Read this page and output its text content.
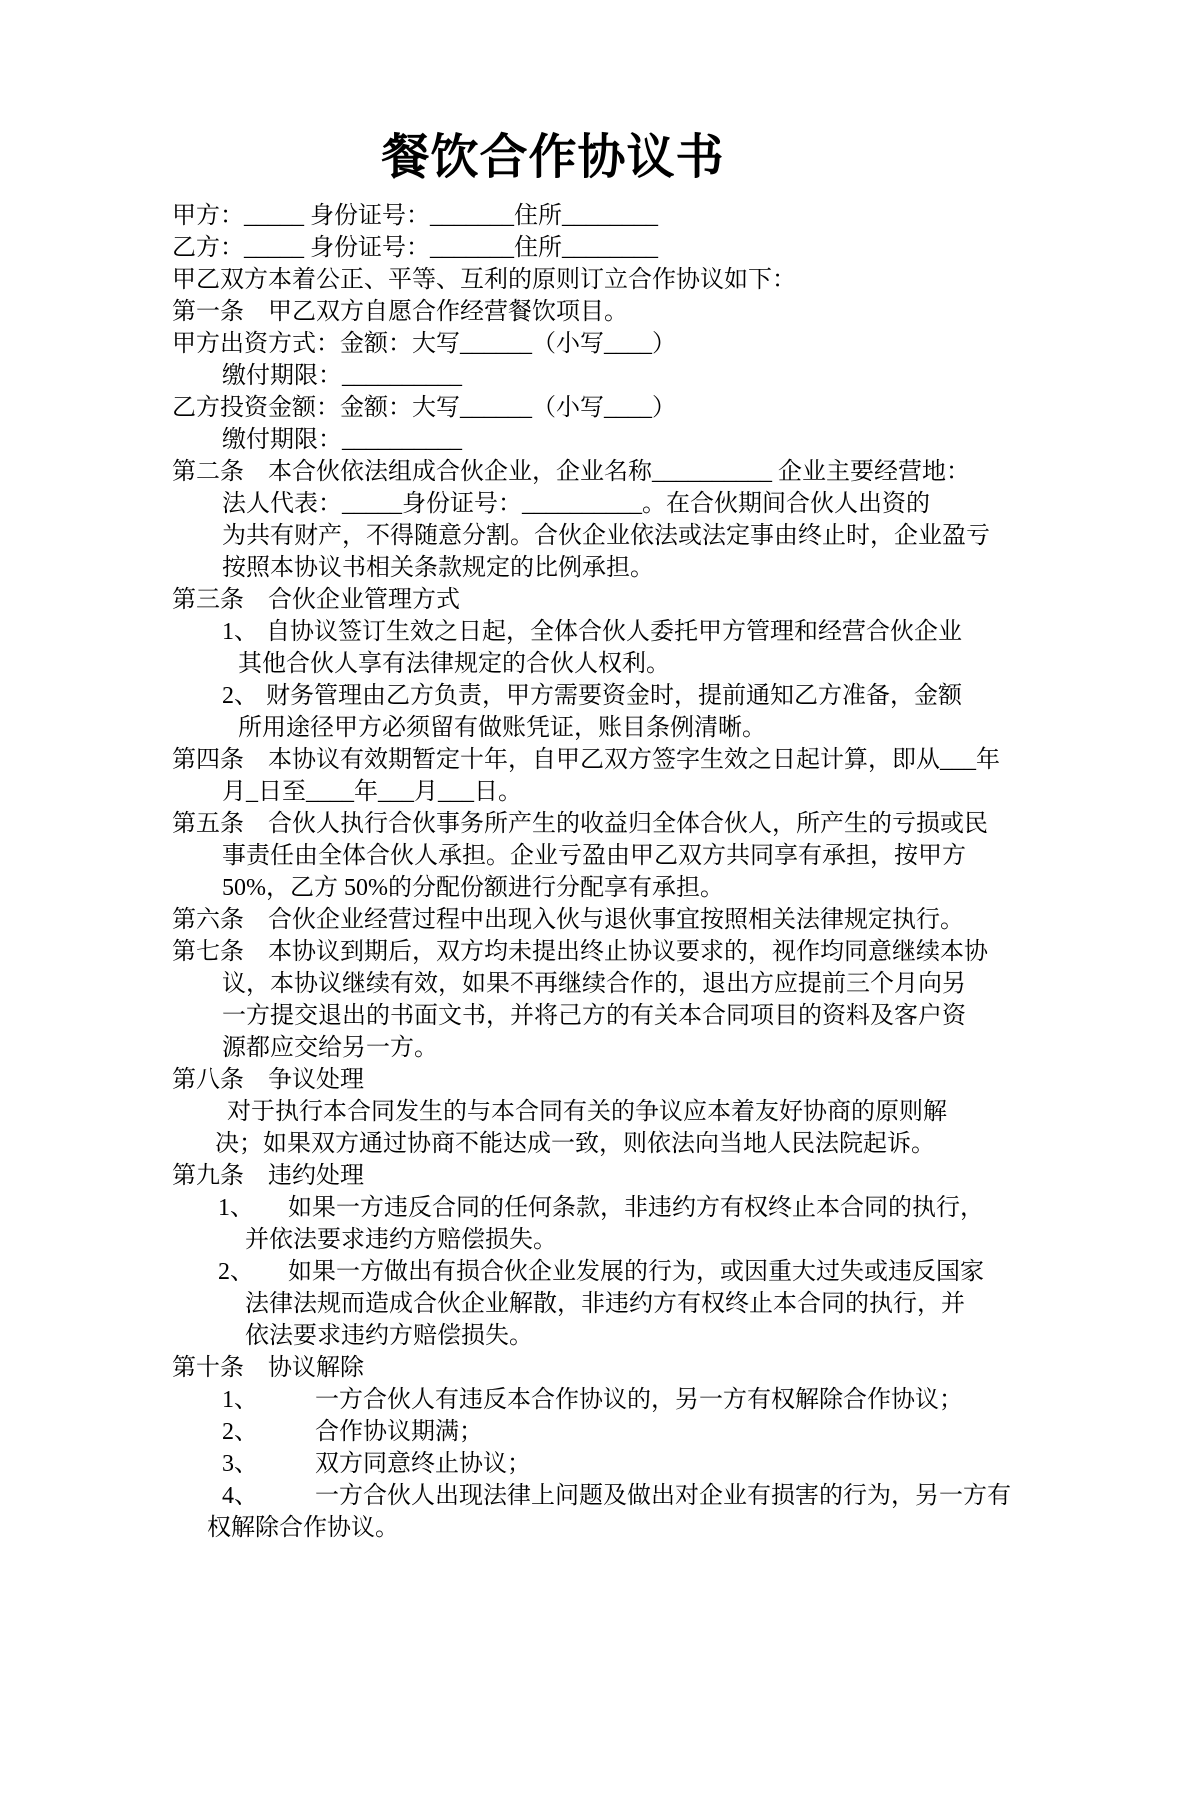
餐饮合作协议书
甲方：_____ 身份证号：_______住所________
乙方：_____ 身份证号：_______住所________
甲乙双方本着公正、平等、互利的原则订立合作协议如下：
第一条　甲乙双方自愿合作经营餐饮项目。
甲方出资方式：金额：大写______（小写____）
缴付期限：__________
乙方投资金额：金额：大写______（小写____）
缴付期限：__________
第二条　本合伙依法组成合伙企业，企业名称__________ 企业主要经营地：
法人代表：_____身份证号：__________。在合伙期间合伙人出资的
为共有财产，不得随意分割。合伙企业依法或法定事由终止时，企业盈亏
按照本协议书相关条款规定的比例承担。
第三条　合伙企业管理方式
1、 自协议签订生效之日起，全体合伙人委托甲方管理和经营合伙企业
其他合伙人享有法律规定的合伙人权利。
2、 财务管理由乙方负责，甲方需要资金时，提前通知乙方准备，金额
所用途径甲方必须留有做账凭证，账目条例清晰。
第四条　本协议有效期暂定十年，自甲乙双方签字生效之日起计算，即从___年
月_日至____年___月___日。
第五条　合伙人执行合伙事务所产生的收益归全体合伙人，所产生的亏损或民
事责任由全体合伙人承担。企业亏盈由甲乙双方共同享有承担，按甲方
50%，乙方 50%的分配份额进行分配享有承担。
第六条　合伙企业经营过程中出现入伙与退伙事宜按照相关法律规定执行。
第七条　本协议到期后，双方均未提出终止协议要求的，视作均同意继续本协
议，本协议继续有效，如果不再继续合作的，退出方应提前三个月向另
一方提交退出的书面文书，并将己方的有关本合同项目的资料及客户资
源都应交给另一方。
第八条　争议处理
对于执行本合同发生的与本合同有关的争议应本着友好协商的原则解
决；如果双方通过协商不能达成一致，则依法向当地人民法院起诉。
第九条　违约处理
1、 如果一方违反合同的任何条款，非违约方有权终止本合同的执行，
并依法要求违约方赔偿损失。
2、 如果一方做出有损合伙企业发展的行为，或因重大过失或违反国家
法律法规而造成合伙企业解散，非违约方有权终止本合同的执行，并
依法要求违约方赔偿损失。
第十条　协议解除
1、 一方合伙人有违反本合作协议的，另一方有权解除合作协议；
2、 合作协议期满；
3、 双方同意终止协议；
4、 一方合伙人出现法律上问题及做出对企业有损害的行为，另一方有
权解除合作协议。
